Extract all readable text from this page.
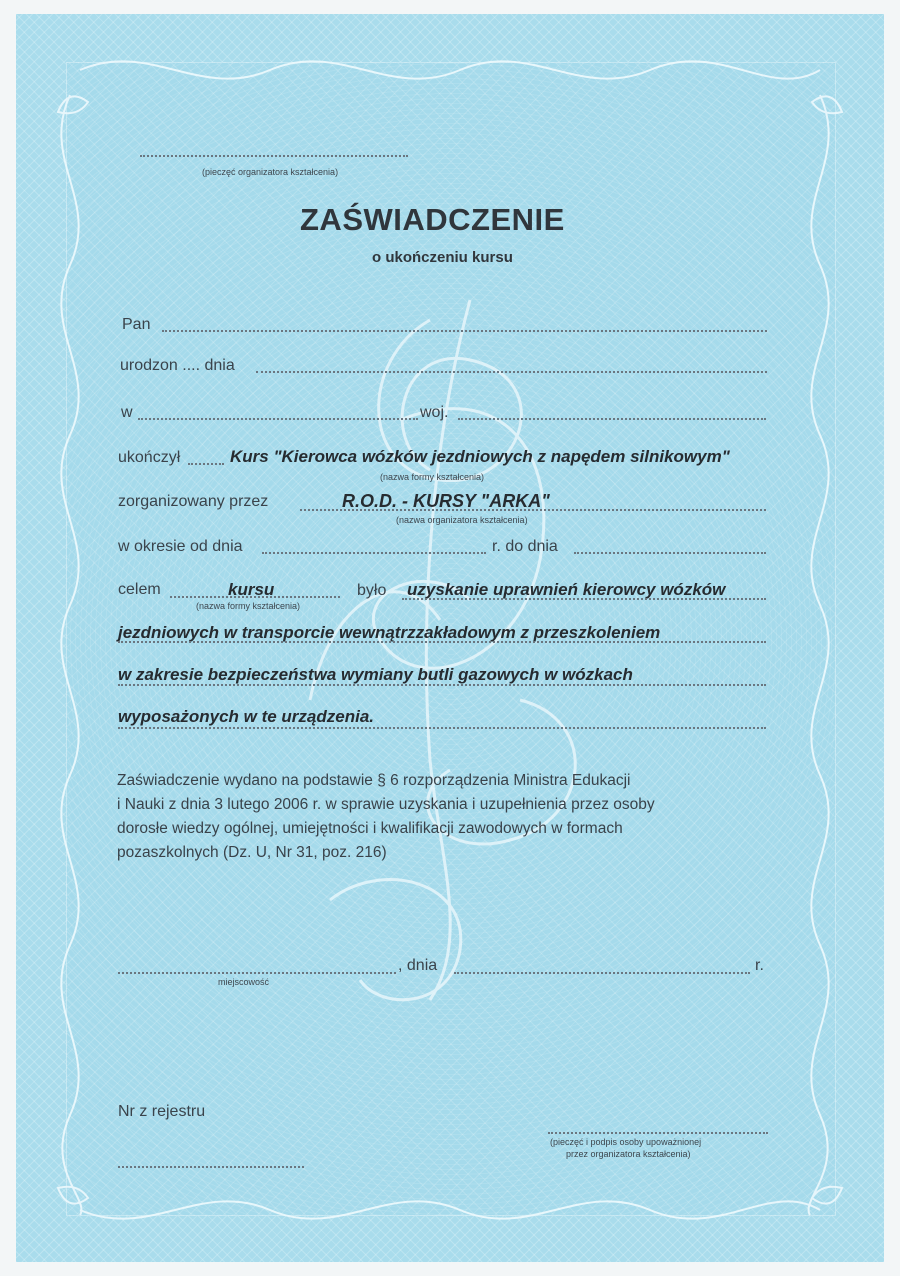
(pieczęć organizatora kształcenia)
ZAŚWIADCZENIE
o ukończeniu kursu
Pan
urodzon .... dnia
w	woj.
ukończył	Kurs "Kierowca wózków jezdniowych z napędem silnikowym"
(nazwa formy kształcenia)
zorganizowany przez	R.O.D. - KURSY "ARKA"
(nazwa organizatora kształcenia)
w okresie od dnia	r. do dnia
celem	kursu
(nazwa formy kształcenia)
było uzyskanie uprawnień kierowcy wózków
jezdniowych w transporcie wewnątrzzakładowym z przeszkoleniem
w zakresie bezpieczeństwa wymiany butli gazowych w wózkach
wyposażonych w te urządzenia.
Zaświadczenie wydano na podstawie § 6 rozporządzenia Ministra Edukacji
i Nauki z dnia 3 lutego 2006 r. w sprawie uzyskania i uzupełnienia przez osoby
dorosłe wiedzy ogólnej, umiejętności i kwalifikacji zawodowych w formach
pozaszkolnych (Dz. U, Nr 31, poz. 216)
miejscowość
, dnia	r.
Nr z rejestru
(pieczęć i podpis osoby upoważnionej
przez organizatora kształcenia)
